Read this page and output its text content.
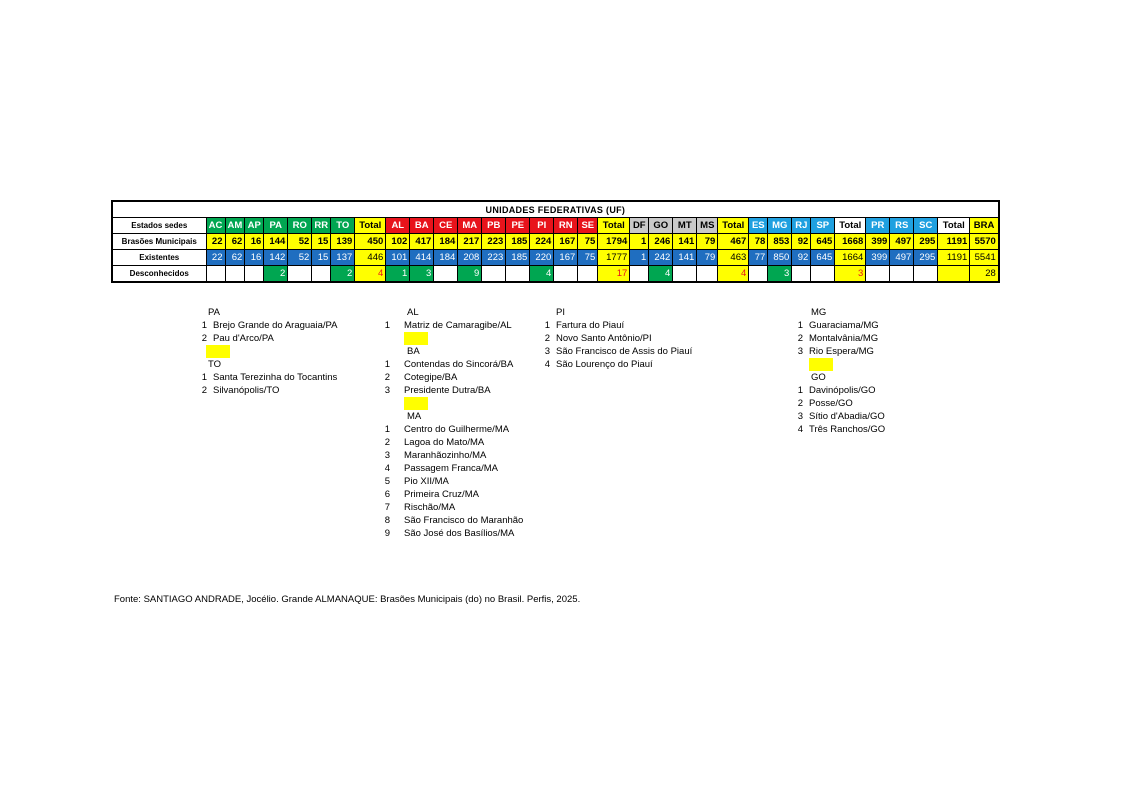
UNIDADES FEDERATIVAS (UF)																																	
Estados sedes	AC	AM	AP	PA	RO	RR	TO	Total	AL	BA	CE	MA	PB	PE	PI	RN	SE	Total	DF	GO	MT	MS	Total	ES	MG	RJ	SP	Total	PR	RS	SC	Total	BRA
Brasões Municipais	22	62	16	144	52	15	139	450	102	417	184	217	223	185	224	167	75	1794	1	246	141	79	467	78	853	92	645	1668	399	497	295	1191	5570
Existentes	22	62	16	142	52	15	137	446	101	414	184	208	223	185	220	167	75	1777	1	242	141	79	463	77	850	92	645	1664	399	497	295	1191	5541
Desconhecidos				2			2	4	1	3		9			4			17		4			4		3			3					28
PA
1 Brejo Grande do Araguaia/PA
2 Pau d'Arco/PA
TO
1 Santa Terezinha do Tocantins
2 Silvanópolis/TO
AL
1 Matriz de Camaragibe/AL
BA
1 Contendas do Sincorá/BA
2 Cotegipe/BA
3 Presidente Dutra/BA
MA
1 Centro do Guilherme/MA
2 Lagoa do Mato/MA
3 Maranhãozinho/MA
4 Passagem Franca/MA
5 Pio XII/MA
6 Primeira Cruz/MA
7 Rischão/MA
8 São Francisco do Maranhão
9 São José dos Basílios/MA
PI
1 Fartura do Piauí
2 Novo Santo Antônio/PI
3 São Francisco de Assis do Piauí
4 São Lourenço do Piauí
MG
1 Guaraciama/MG
2 Montalvânia/MG
3 Rio Espera/MG
GO
1 Davinópolis/GO
2 Posse/GO
3 Sítio d'Abadia/GO
4 Três Ranchos/GO
Fonte: SANTIAGO ANDRADE, Jocélio. Grande ALMANAQUE: Brasões Municipais (do) no Brasil. Perfis, 2025.
